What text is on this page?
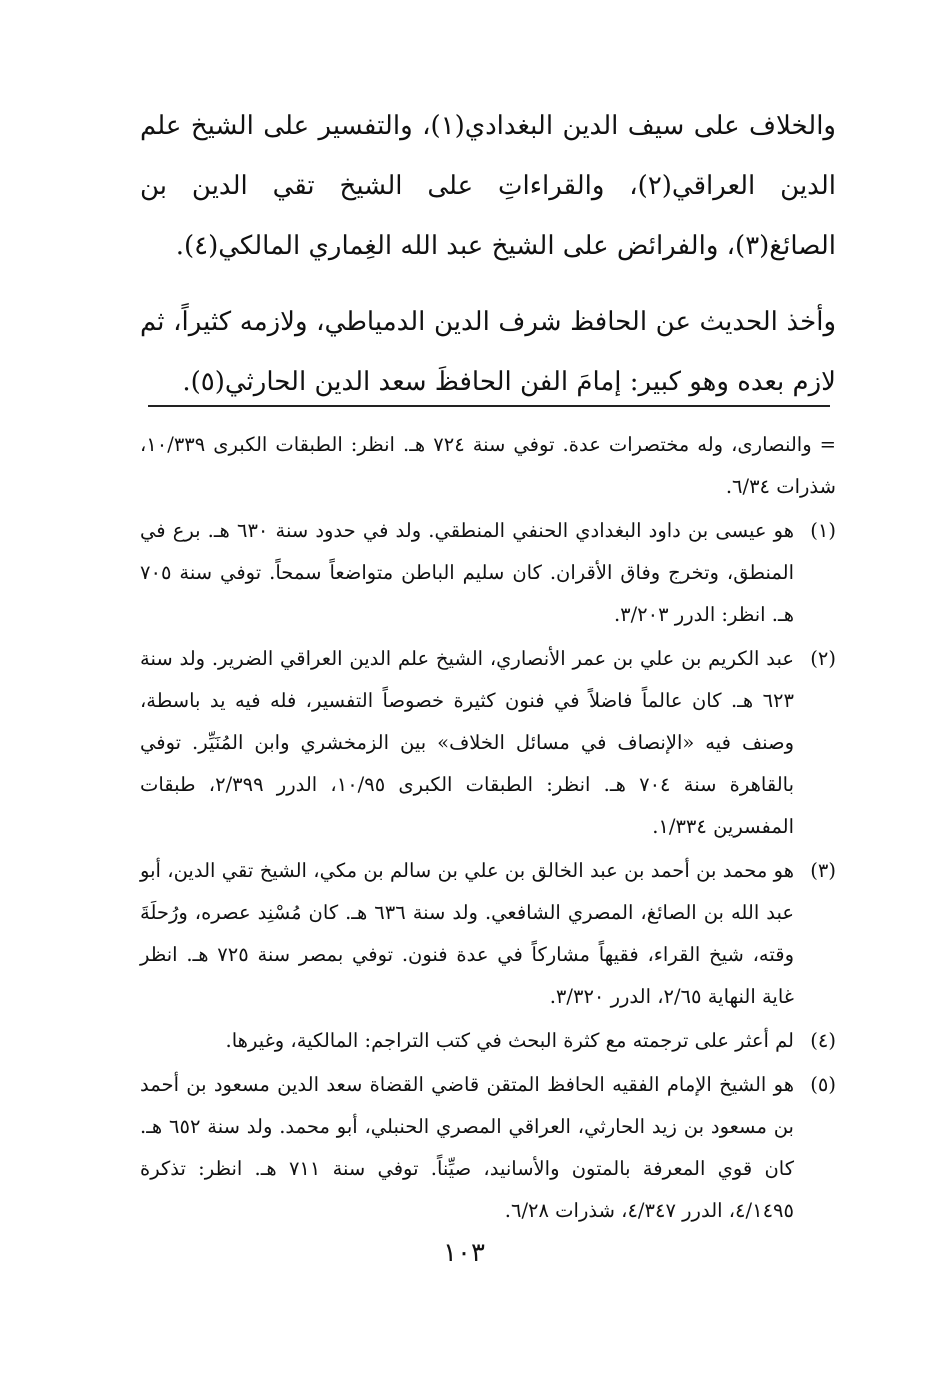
والخلاف على سيف الدين البغدادي(١)، والتفسير على الشيخ علم الدين العراقي(٢)، والقراءاتِ على الشيخ تقي الدين بن الصائغ(٣)، والفرائض على الشيخ عبد الله الغِماري المالكي(٤).

وأخذ الحديث عن الحافظ شرف الدين الدمياطي، ولازمه كثيراً، ثم لازم بعده وهو كبير: إمامَ الفن الحافظَ سعد الدين الحارثي(٥).

= والنصارى، وله مختصرات عدة. توفي سنة ٧٢٤ هـ. انظر: الطبقات الكبرى ١٠/٣٣٩، شذرات ٦/٣٤.
(١)
هو عيسى بن داود البغدادي الحنفي المنطقي. ولد في حدود سنة ٦٣٠ هـ. برع في المنطق، وتخرج وفاق الأقران. كان سليم الباطن متواضعاً سمحاً. توفي سنة ٧٠٥ هـ. انظر: الدرر ٣/٢٠٣.
(٢)
عبد الكريم بن علي بن عمر الأنصاري، الشيخ علم الدين العراقي الضرير. ولد سنة ٦٢٣ هـ. كان عالماً فاضلاً في فنون كثيرة خصوصاً التفسير، فله فيه يد باسطة، وصنف فيه «الإنصاف في مسائل الخلاف» بين الزمخشري وابن المُنَيِّر. توفي بالقاهرة سنة ٧٠٤ هـ. انظر: الطبقات الكبرى ١٠/٩٥، الدرر ٢/٣٩٩، طبقات المفسرين ١/٣٣٤.
(٣)
هو محمد بن أحمد بن عبد الخالق بن علي بن سالم بن مكي، الشيخ تقي الدين، أبو عبد الله بن الصائغ، المصري الشافعي. ولد سنة ٦٣٦ هـ. كان مُسْنِد عصره، ورُحلَةَ وقته، شيخ القراء، فقيهاً مشاركاً في عدة فنون. توفي بمصر سنة ٧٢٥ هـ. انظر غاية النهاية ٢/٦٥، الدرر ٣/٣٢٠.
(٤)
لم أعثر على ترجمته مع كثرة البحث في كتب التراجم: المالكية، وغيرها.
(٥)
هو الشيخ الإمام الفقيه الحافظ المتقن قاضي القضاة سعد الدين مسعود بن أحمد بن مسعود بن زيد الحارثي، العراقي المصري الحنبلي، أبو محمد. ولد سنة ٦٥٢ هـ. كان قوي المعرفة بالمتون والأسانيد، صيِّناً. توفي سنة ٧١١ هـ. انظر: تذكرة ٤/١٤٩٥، الدرر ٤/٣٤٧، شذرات ٦/٢٨.
١٠٣
